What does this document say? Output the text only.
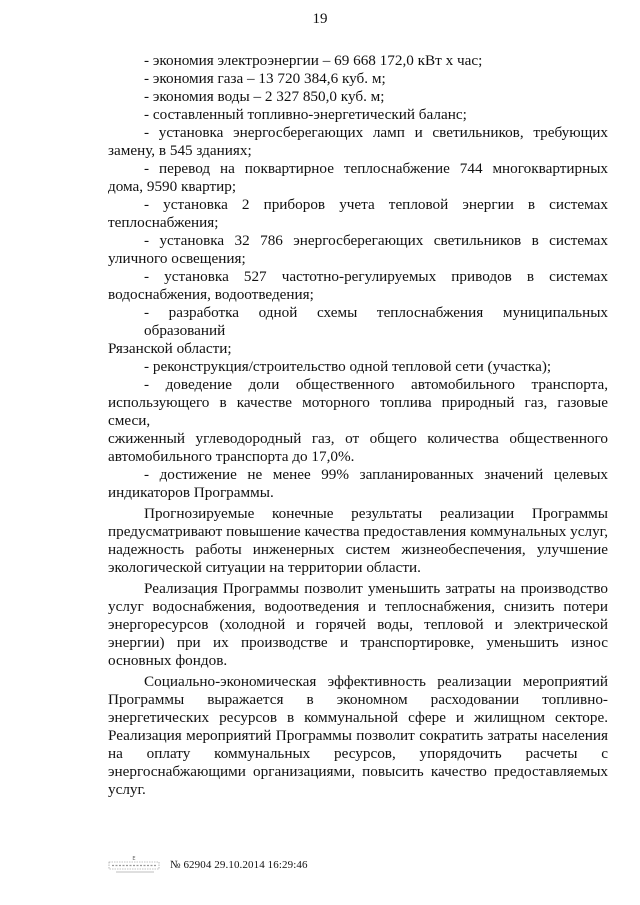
19
- экономия электроэнергии – 69 668 172,0 кВт х час;
- экономия газа – 13 720 384,6 куб. м;
- экономия воды – 2 327 850,0 куб. м;
- составленный топливно-энергетический баланс;
- установка энергосберегающих ламп и светильников, требующих
замену, в 545 зданиях;
- перевод на поквартирное теплоснабжение 744 многоквартирных
дома, 9590 квартир;
- установка 2 приборов учета тепловой энергии в системах
теплоснабжения;
- установка 32 786 энергосберегающих светильников в системах
уличного освещения;
- установка 527 частотно-регулируемых приводов в системах
водоснабжения, водоотведения;
- разработка одной схемы теплоснабжения муниципальных образований
Рязанской области;
- реконструкция/строительство одной тепловой сети (участка);
- доведение доли общественного автомобильного транспорта,
использующего в качестве моторного топлива природный газ, газовые смеси,
сжиженный углеводородный газ, от общего количества общественного
автомобильного транспорта до 17,0%.
- достижение не менее 99% запланированных значений целевых
индикаторов Программы.
Прогнозируемые конечные результаты реализации Программы
предусматривают повышение качества предоставления коммунальных услуг,
надежность работы инженерных систем жизнеобеспечения, улучшение
экологической ситуации на территории области.
Реализация Программы позволит уменьшить затраты на производство
услуг водоснабжения, водоотведения и теплоснабжения, снизить потери
энергоресурсов (холодной и горячей воды, тепловой и электрической
энергии) при их производстве и транспортировке, уменьшить износ
основных фондов.
Социально-экономическая эффективность реализации мероприятий
Программы выражается в экономном расходовании топливно-
энергетических ресурсов в коммунальной сфере и жилищном секторе.
Реализация мероприятий Программы позволит сократить затраты населения
на оплату коммунальных ресурсов, упорядочить расчеты с
энергоснабжающими организациями, повысить качество предоставляемых
услуг.
E	№ 62904 29.10.2014 16:29:46
